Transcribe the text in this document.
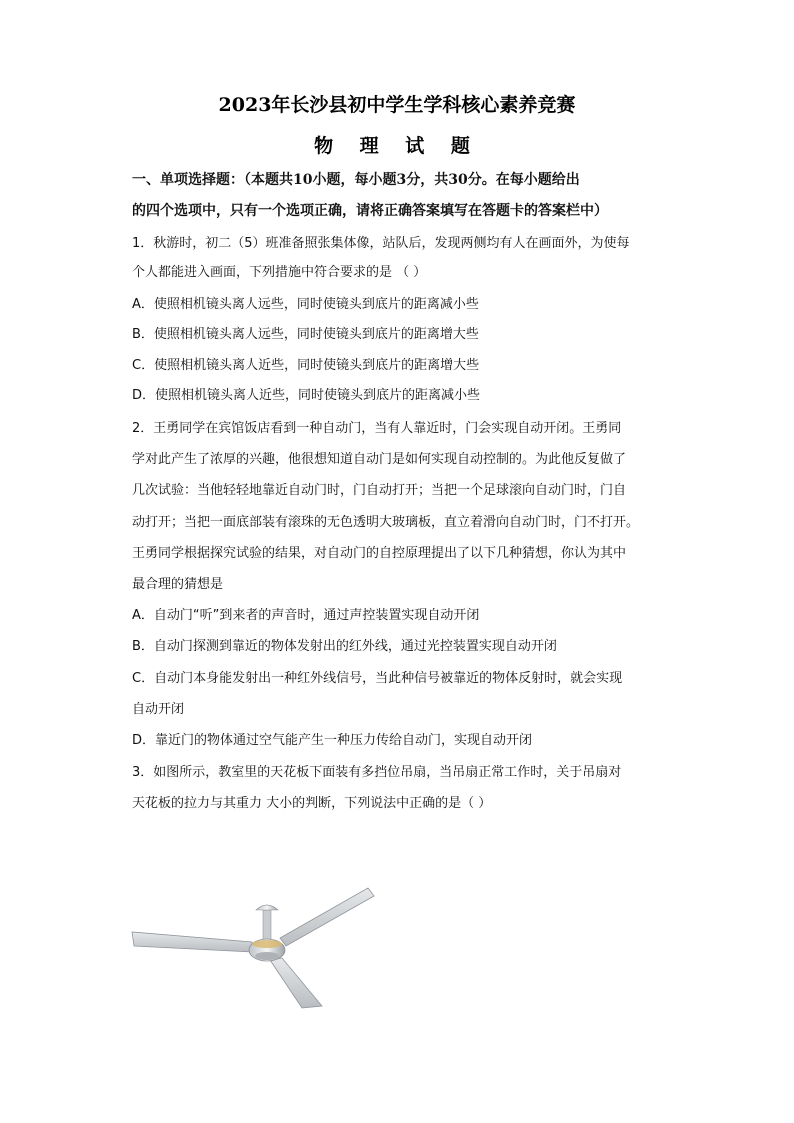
2023年长沙县初中学生学科核心素养竞赛
物 理 试 题
一、单项选择题：（本题共10小题，每小题3分，共30分。在每小题给出
的四个选项中，只有一个选项正确，请将正确答案填写在答题卡的答案栏中）
1．秋游时，初二（5）班准备照张集体像，站队后，发现两侧均有人在画面外，为使每
个人都能进入画面，下列措施中符合要求的是 （ ）
A．使照相机镜头离人远些，同时使镜头到底片的距离减小些
B．使照相机镜头离人远些，同时使镜头到底片的距离增大些
C．使照相机镜头离人近些，同时使镜头到底片的距离增大些
D．使照相机镜头离人近些，同时使镜头到底片的距离减小些
2．王勇同学在宾馆饭店看到一种自动门，当有人靠近时，门会实现自动开闭。王勇同
学对此产生了浓厚的兴趣，他很想知道自动门是如何实现自动控制的。为此他反复做了
几次试验：当他轻轻地靠近自动门时，门自动打开；当把一个足球滚向自动门时，门自
动打开；当把一面底部装有滚珠的无色透明大玻璃板，直立着滑向自动门时，门不打开。
王勇同学根据探究试验的结果，对自动门的自控原理提出了以下几种猜想，你认为其中
最合理的猜想是
A．自动门“听”到来者的声音时，通过声控装置实现自动开闭
B．自动门探测到靠近的物体发射出的红外线，通过光控装置实现自动开闭
C．自动门本身能发射出一种红外线信号，当此种信号被靠近的物体反射时，就会实现
自动开闭
D．靠近门的物体通过空气能产生一种压力传给自动门，实现自动开闭
3．如图所示，教室里的天花板下面装有多挡位吊扇，当吊扇正常工作时，关于吊扇对
天花板的拉力与其重力 大小的判断，下列说法中正确的是（ ）
